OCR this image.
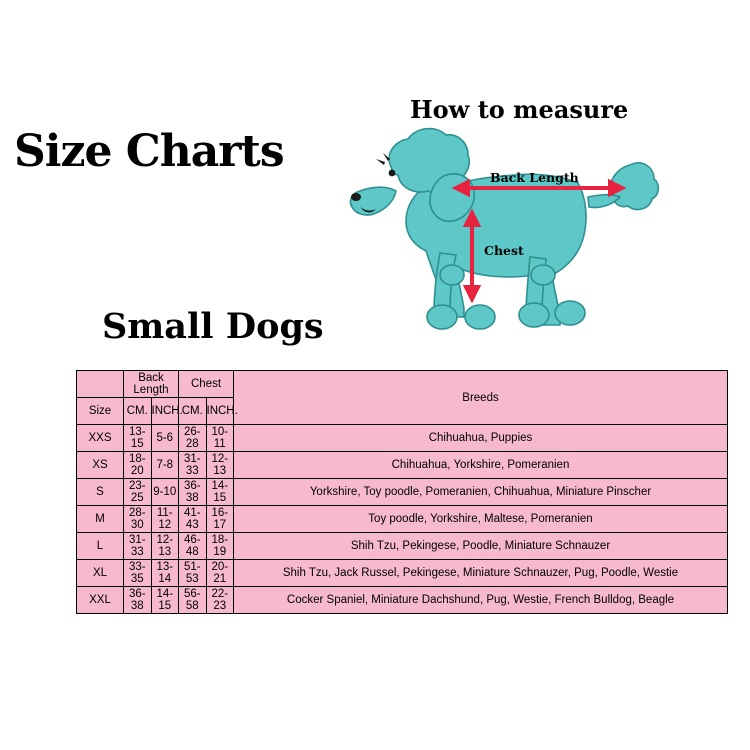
Size Charts
Small Dogs
How to measure
Back Length
Chest
	Back Length		Chest		Breeds
Size	CM.	INCH.	CM.	INCH.	
XXS	13-15	5-6	26-28	10-11	Chihuahua, Puppies
XS	18-20	7-8	31-33	12-13	Chihuahua, Yorkshire, Pomeranien
S	23-25	9-10	36-38	14-15	Yorkshire, Toy poodle, Pomeranien, Chihuahua, Miniature Pinscher
M	28-30	11-12	41-43	16-17	Toy poodle, Yorkshire, Maltese, Pomeranien
L	31-33	12-13	46-48	18-19	Shih Tzu, Pekingese, Poodle, Miniature Schnauzer
XL	33-35	13-14	51-53	20-21	Shih Tzu, Jack Russel, Pekingese, Miniature Schnauzer, Pug, Poodle, Westie
XXL	36-38	14-15	56-58	22-23	Cocker Spaniel, Miniature Dachshund, Pug, Westie, French Bulldog, Beagle
